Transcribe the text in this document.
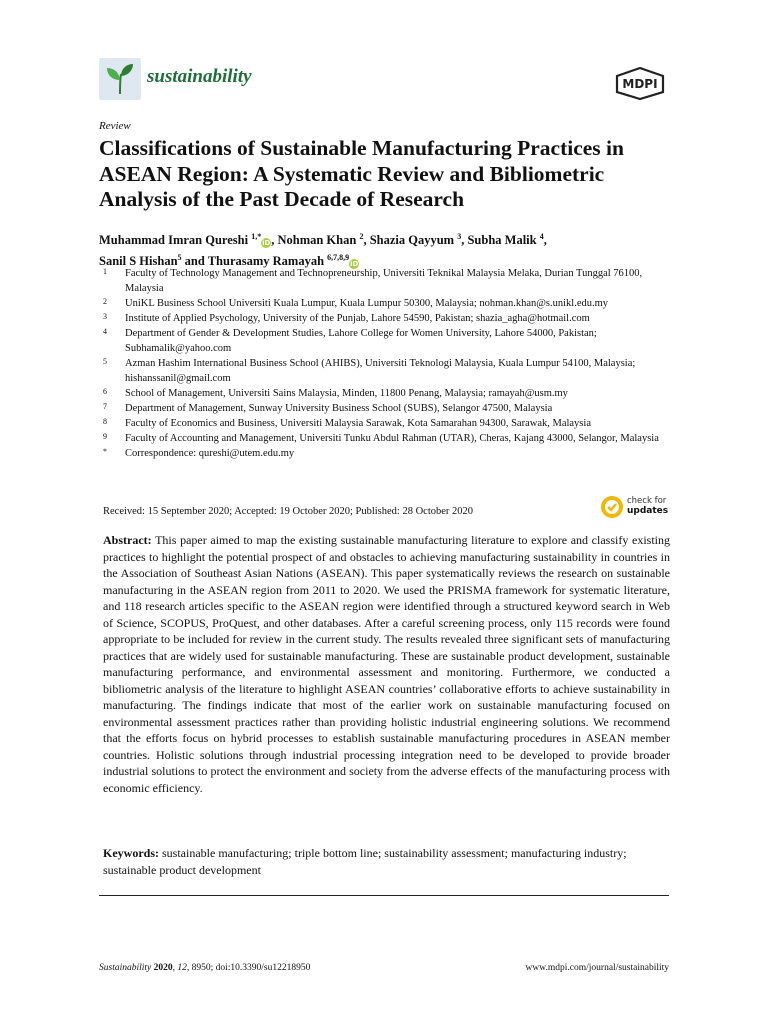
sustainability	MDPI
Review
Classifications of Sustainable Manufacturing Practices in ASEAN Region: A Systematic Review and Bibliometric Analysis of the Past Decade of Research
Muhammad Imran Qureshi $^{1,*}$iD, Nohman Khan $^2$, Shazia Qayyum $^3$, Subha Malik $^4$,
Sanil S Hishan$^5$ and Thurasamy Ramayah $^{6,7,8,9}$iD
1	Faculty of Technology Management and Technopreneurship, Universiti Teknikal Malaysia Melaka, Durian Tunggal 76100, Malaysia
2	UniKL Business School Universiti Kuala Lumpur, Kuala Lumpur 50300, Malaysia; nohman.khan@s.unikl.edu.my
3	Institute of Applied Psychology, University of the Punjab, Lahore 54590, Pakistan; shazia_agha@hotmail.com
4	Department of Gender & Development Studies, Lahore College for Women University, Lahore 54000, Pakistan; Subhamalik@yahoo.com
5	Azman Hashim International Business School (AHIBS), Universiti Teknologi Malaysia, Kuala Lumpur 54100, Malaysia; hishanssanil@gmail.com
6	School of Management, Universiti Sains Malaysia, Minden, 11800 Penang, Malaysia; ramayah@usm.my
7	Department of Management, Sunway University Business School (SUBS), Selangor 47500, Malaysia
8	Faculty of Economics and Business, Universiti Malaysia Sarawak, Kota Samarahan 94300, Sarawak, Malaysia
9	Faculty of Accounting and Management, Universiti Tunku Abdul Rahman (UTAR), Cheras, Kajang 43000, Selangor, Malaysia
*	Correspondence: qureshi@utem.edu.my
Received: 15 September 2020; Accepted: 19 October 2020; Published: 28 October 2020
check for
updates
Abstract: This paper aimed to map the existing sustainable manufacturing literature to explore and classify existing practices to highlight the potential prospect of and obstacles to achieving manufacturing sustainability in countries in the Association of Southeast Asian Nations (ASEAN). This paper systematically reviews the research on sustainable manufacturing in the ASEAN region from 2011 to 2020. We used the PRISMA framework for systematic literature, and 118 research articles specific to the ASEAN region were identified through a structured keyword search in Web of Science, SCOPUS, ProQuest, and other databases. After a careful screening process, only 115 records were found appropriate to be included for review in the current study. The results revealed three significant sets of manufacturing practices that are widely used for sustainable manufacturing. These are sustainable product development, sustainable manufacturing performance, and environmental assessment and monitoring. Furthermore, we conducted a bibliometric analysis of the literature to highlight ASEAN countries’ collaborative efforts to achieve sustainability in manufacturing. The findings indicate that most of the earlier work on sustainable manufacturing focused on environmental assessment practices rather than providing holistic industrial engineering solutions. We recommend that the efforts focus on hybrid processes to establish sustainable manufacturing procedures in ASEAN member countries. Holistic solutions through industrial processing integration need to be developed to provide broader industrial solutions to protect the environment and society from the adverse effects of the manufacturing process with economic efficiency.
Keywords: sustainable manufacturing; triple bottom line; sustainability assessment; manufacturing industry; sustainable product development
Sustainability 2020, 12, 8950; doi:10.3390/su12218950	www.mdpi.com/journal/sustainability
